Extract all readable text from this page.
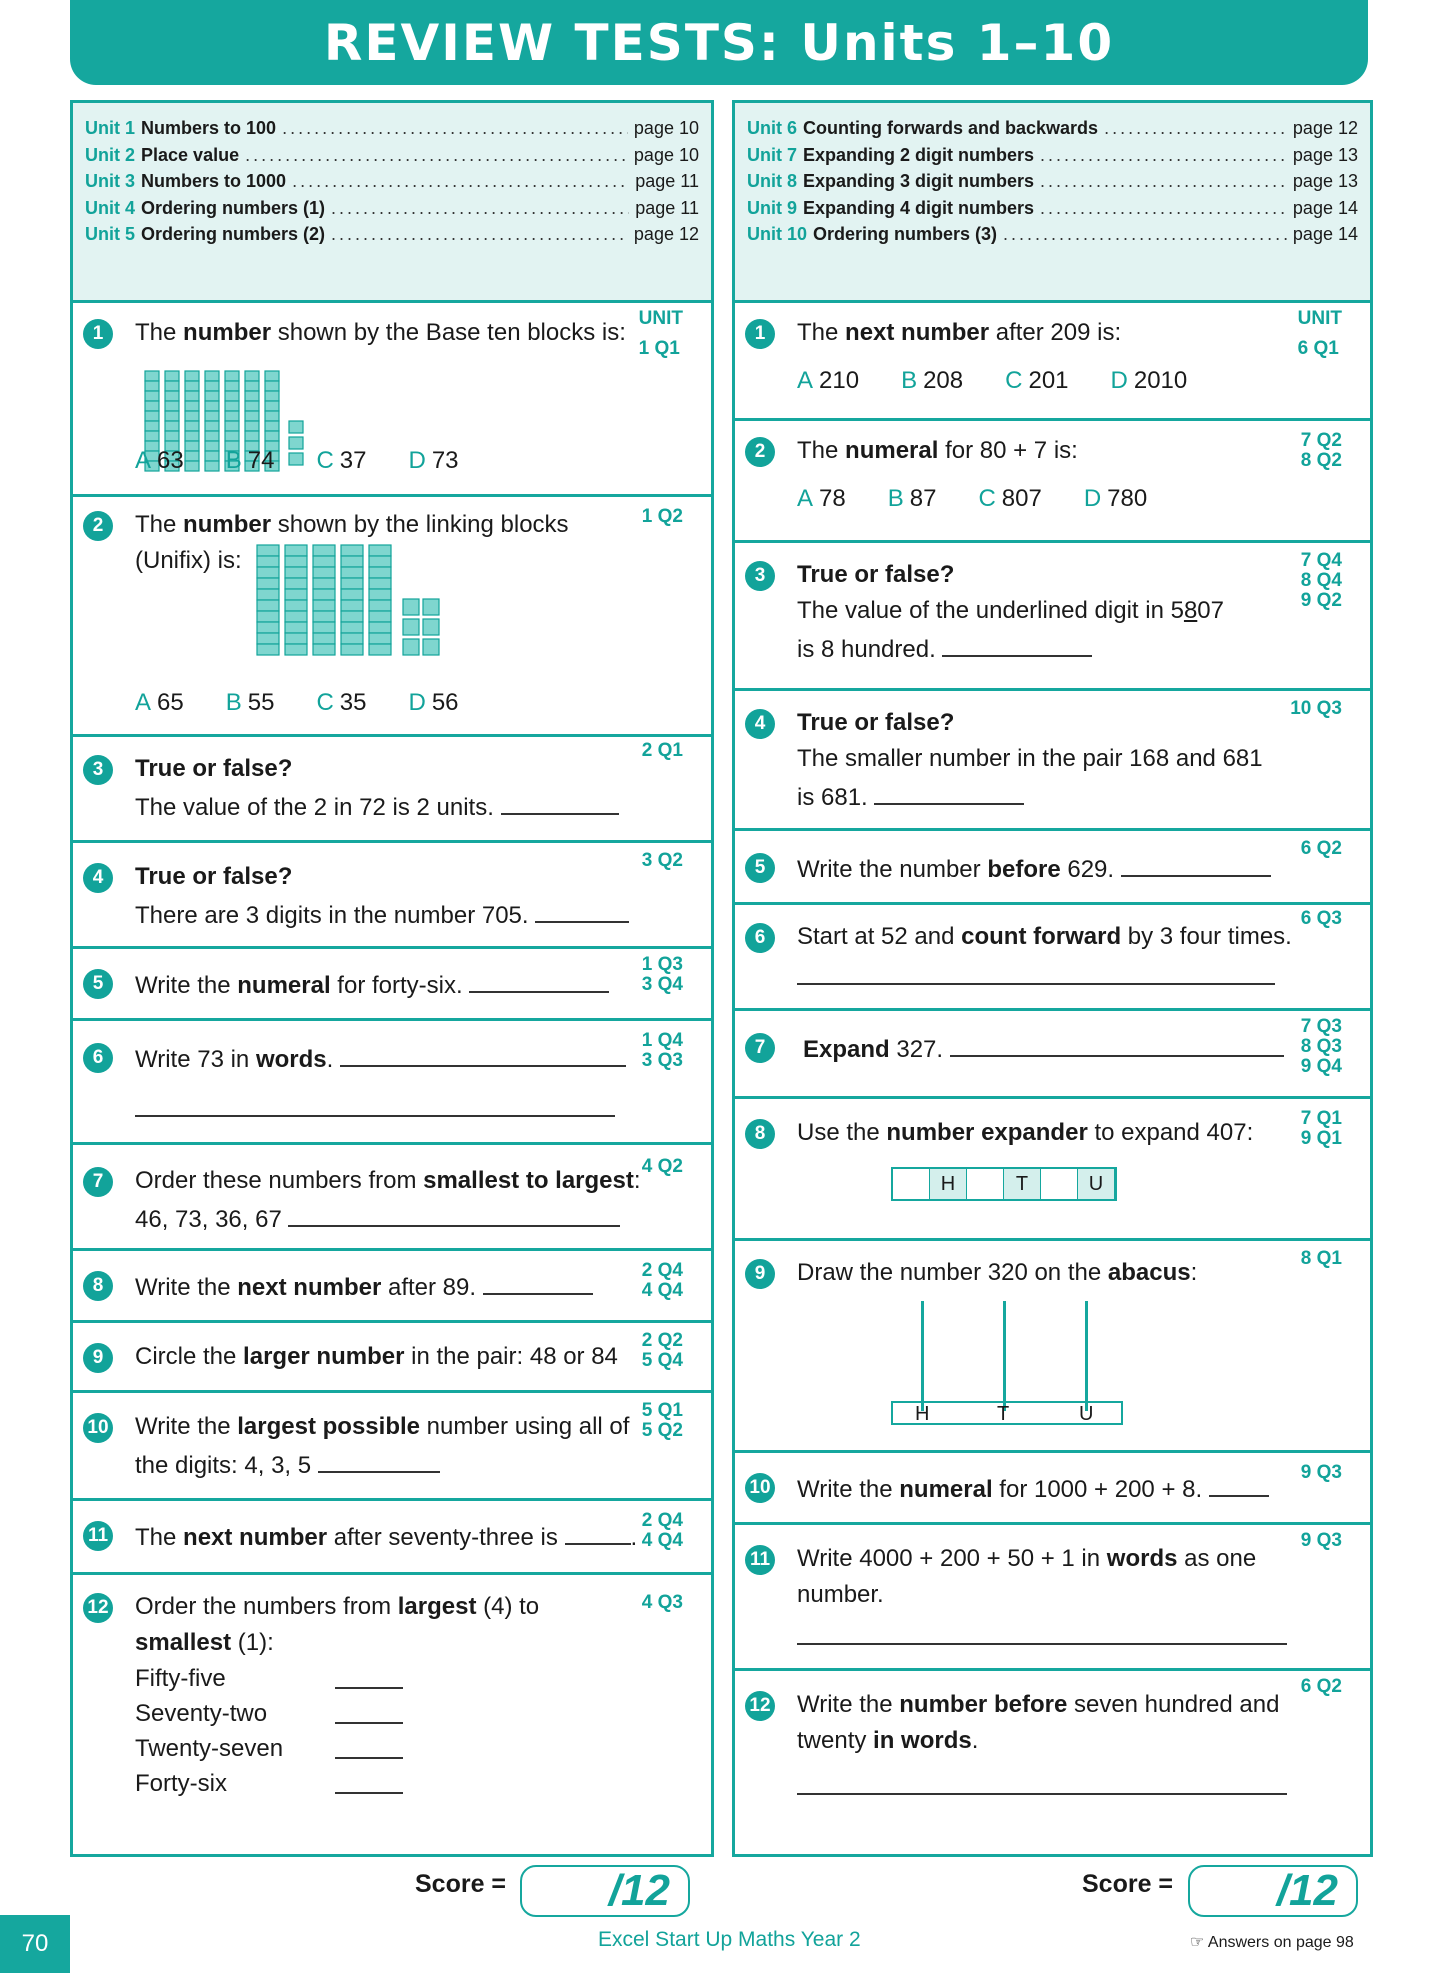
REVIEW TESTS: Units 1–10
Unit 1 Numbers to 100 .....	page 10
Unit 2 Place value .....	page 10
Unit 3 Numbers to 1000 .....	page 11
Unit 4 Ordering numbers (1) .....	page 11
Unit 5 Ordering numbers (2) .....	page 12
1	The number shown by the Base ten blocks is:
UNIT
1 Q1
A 63 B 74 C 37 D 73
2	The number shown by the linking blocks
(Unifix) is:
1 Q2
A 65 B 55 C 35 D 56
3	True or false?
The value of the 2 in 72 is 2 units.
2 Q1
4	True or false?
There are 3 digits in the number 705.
3 Q2
5	Write the numeral for forty-six.
1 Q3
3 Q4
6	Write 73 in words.
1 Q4
3 Q3
7	Order these numbers from smallest to largest:
46, 73, 36, 67
4 Q2
8	Write the next number after 89.
2 Q4
4 Q4
9	Circle the larger number in the pair: 48 or 84
2 Q2
5 Q4
10 Write the largest possible number using all of
the digits: 4, 3, 5
5 Q1
5 Q2
11 The next number after seventy-three is	.
2 Q4
4 Q4
12 Order the numbers from largest (4) to
smallest (1):
4 Q3
Fifty-five
Seventy-two
Twenty-seven
Forty-six
Unit 6 Counting forwards and backwards .....	page 12
Unit 7 Expanding 2 digit numbers .....	page 13
Unit 8 Expanding 3 digit numbers .....	page 13
Unit 9 Expanding 4 digit numbers .....	page 14
Unit 10 Ordering numbers (3) .....	page 14
1	The next number after 209 is:
UNIT
6 Q1
A 210 B 208 C 201 D 2010
2	The numeral for 80 + 7 is:	7 Q2
8 Q2
A 78 B 87 C 807 D 780
3	True or false?
The value of the underlined digit in 5807
is 8 hundred.
7 Q4
8 Q4
9 Q2
4	True or false?
The smaller number in the pair 168 and 681
is 681.
10 Q3
5	Write the number before 629.
6 Q2
6	Start at 52 and count forward by 3 four times.
6 Q3
7	Expand 327.
7 Q3
8 Q3
9 Q4
8	Use the number expander to expand 407:
7 Q1
9 Q1
H	T	U
9	Draw the number 320 on the abacus:
8 Q1
H	T	U
10 Write the numeral for 1000 + 200 + 8.
9 Q3
11 Write 4000 + 200 + 50 + 1 in words as one
number.
9 Q3
12 Write the number before seven hundred and
twenty in words.
6 Q2
Score =	/12	Score =	/12
70	Excel Start Up Maths Year 2	☞ Answers on page 98
